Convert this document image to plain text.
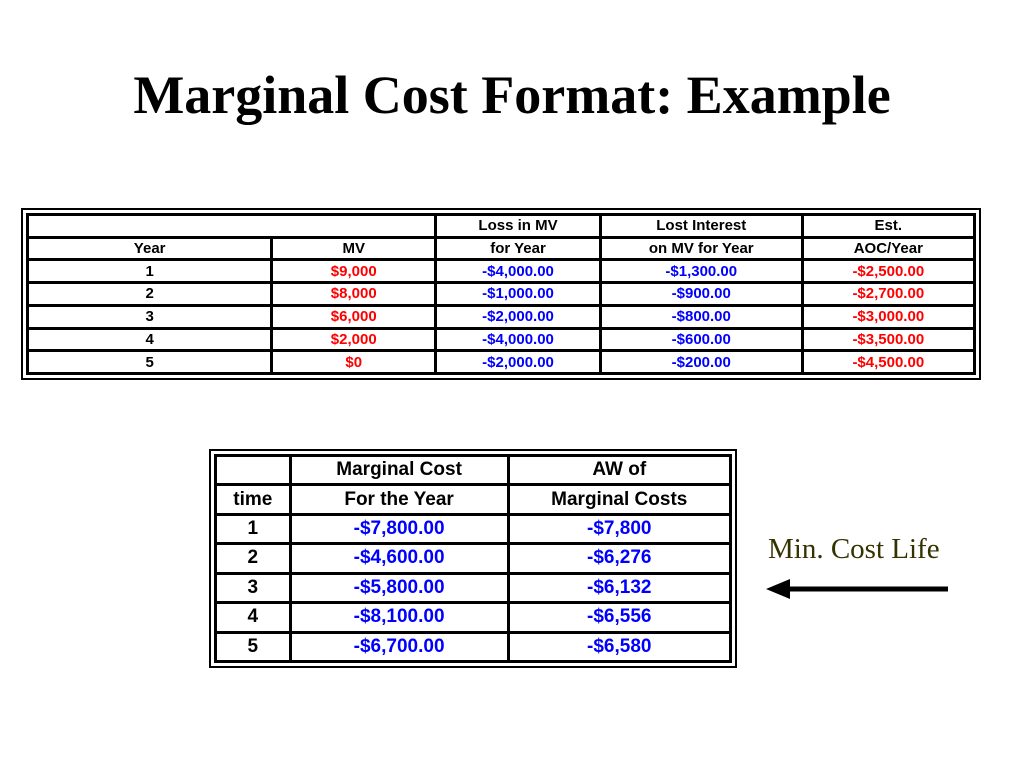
Marginal Cost Format: Example
		Loss in MV	Lost Interest	Est.
Year	MV	for Year	on MV for Year	AOC/Year
1	$9,000	-$4,000.00	-$1,300.00	-$2,500.00
2	$8,000	-$1,000.00	-$900.00	-$2,700.00
3	$6,000	-$2,000.00	-$800.00	-$3,000.00
4	$2,000	-$4,000.00	-$600.00	-$3,500.00
5	$0	-$2,000.00	-$200.00	-$4,500.00
	Marginal Cost	AW of
time	For the Year	Marginal Costs
1	-$7,800.00	-$7,800
2	-$4,600.00	-$6,276
3	-$5,800.00	-$6,132
4	-$8,100.00	-$6,556
5	-$6,700.00	-$6,580
Min. Cost Life
